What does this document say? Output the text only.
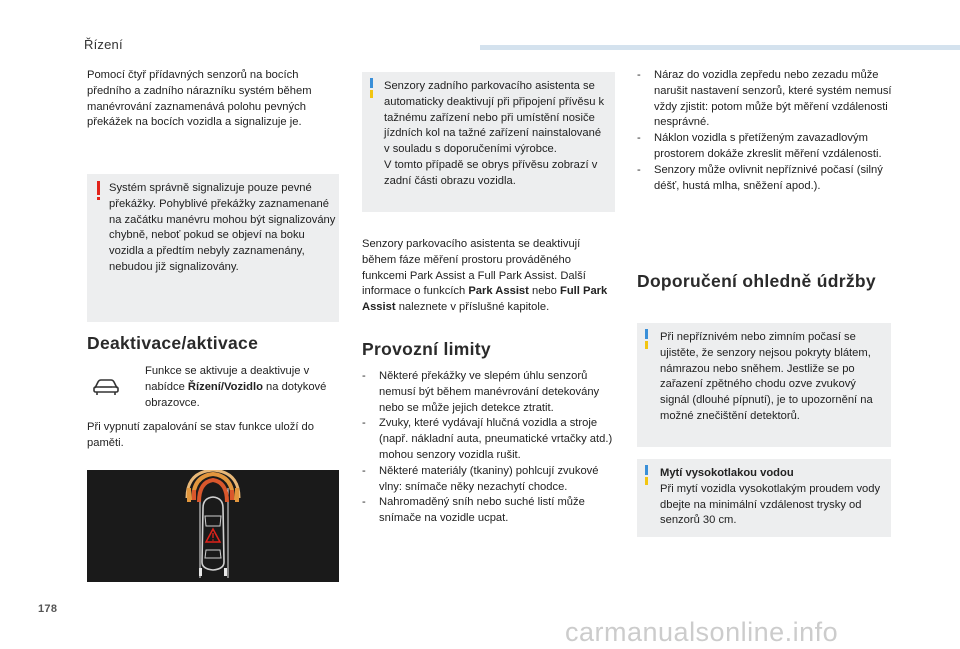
Řízení

Pomocí čtyř přídavných senzorů na bocích předního a zadního nárazníku systém během manévrování zaznamenává polohu pevných překážek na bocích vozidla a signalizuje je.

Systém správně signalizuje pouze pevné překážky. Pohyblivé překážky zaznamenané na začátku manévru mohou být signalizovány chybně, neboť pokud se objeví na boku vozidla a předtím nebyly zaznamenány, nebudou již signalizovány.

Deaktivace/aktivace

Funkce se aktivuje a deaktivuje v nabídce Řízení/Vozidlo na dotykové obrazovce.

Při vypnutí zapalování se stav funkce uloží do paměti.

Senzory zadního parkovacího asistenta se automaticky deaktivují při připojení přívěsu k tažnému zařízení nebo při umístění nosiče jízdních kol na tažné zařízení nainstalované v souladu s doporučeními výrobce.
V tomto případě se obrys přívěsu zobrazí v zadní části obrazu vozidla.

Senzory parkovacího asistenta se deaktivují během fáze měření prostoru prováděného funkcemi Park Assist a Full Park Assist. Další informace o funkcích Park Assist nebo Full Park Assist naleznete v příslušné kapitole.

Provozní limity
- Některé překážky ve slepém úhlu senzorů nemusí být během manévrování detekovány nebo se může jejich detekce ztratit.
- Zvuky, které vydávají hlučná vozidla a stroje (např. nákladní auta, pneumatické vrtačky atd.) mohou senzory vozidla rušit.
- Některé materiály (tkaniny) pohlcují zvukové vlny: snímače něky nezachytí chodce.
- Nahromaděný sníh nebo suché listí může snímače na vozidle ucpat.
- Náraz do vozidla zepředu nebo zezadu může narušit nastavení senzorů, které systém nemusí vždy zjistit: potom může být měření vzdálenosti nesprávné.
- Náklon vozidla s přetíženým zavazadlovým prostorem dokáže zkreslit měření vzdálenosti.
- Senzory může ovlivnit nepříznivé počasí (silný déšť, hustá mlha, sněžení apod.).
Doporučení ohledně údržby

Při nepříznivém nebo zimním počasí se ujistěte, že senzory nejsou pokryty blátem, námrazou nebo sněhem. Jestliže se po zařazení zpětného chodu ozve zvukový signál (dlouhé pípnutí), je to upozornění na možné znečištění detektorů.

Mytí vysokotlakou vodou
Při mytí vozidla vysokotlakým proudem vody dbejte na minimální vzdálenost trysky od senzorů 30 cm.

178
carmanualsonline.info
